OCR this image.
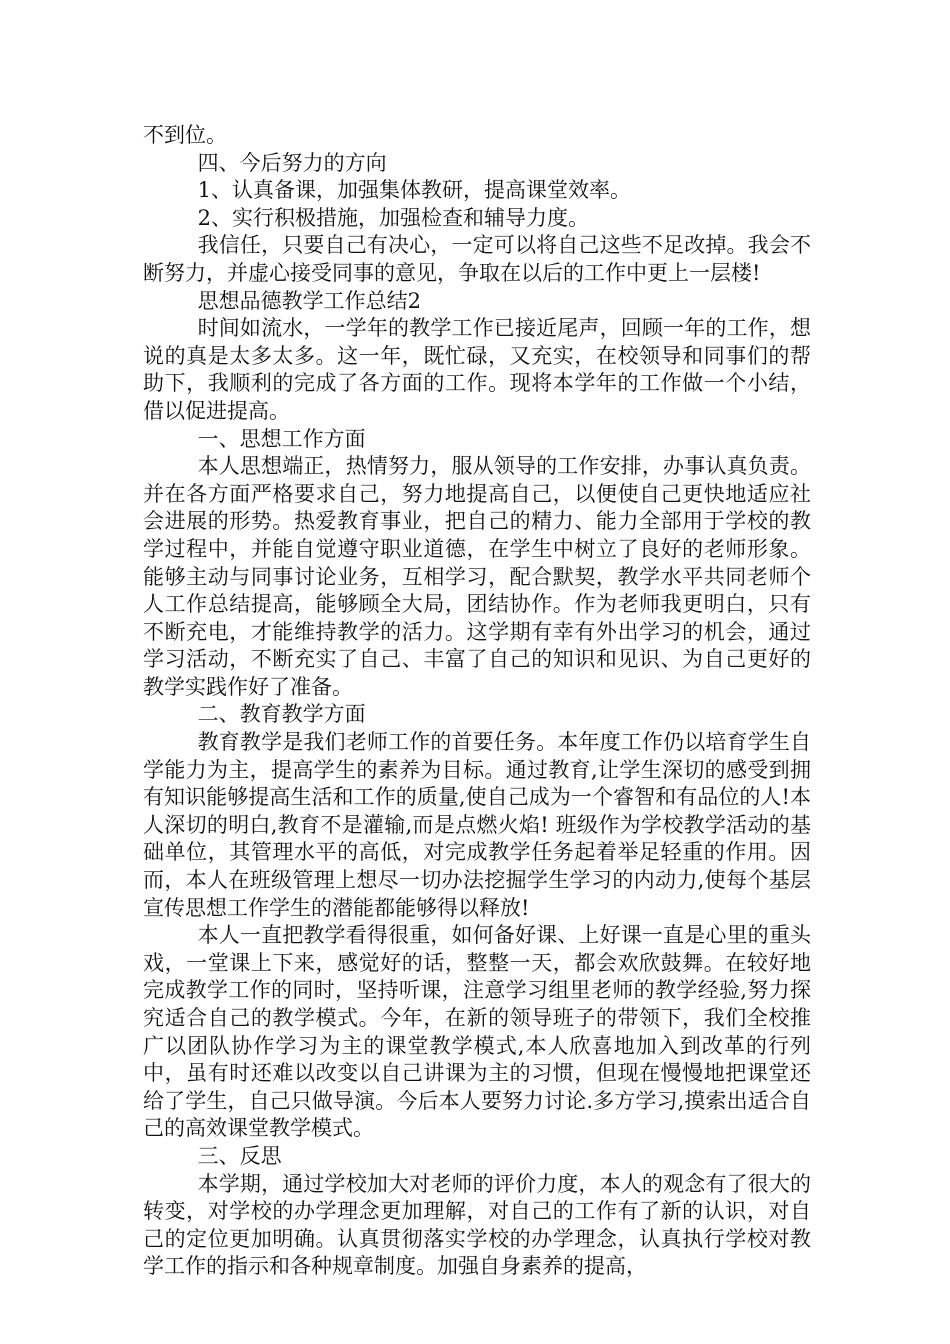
不到位。

四、今后努力的方向

1、认真备课，加强集体教研，提高课堂效率。

2、实行积极措施，加强检查和辅导力度。

我信任，只要自己有决心，一定可以将自己这些不足改掉。我会不断努力，并虚心接受同事的意见，争取在以后的工作中更上一层楼!

思想品德教学工作总结2

时间如流水，一学年的教学工作已接近尾声，回顾一年的工作，想说的真是太多太多。这一年，既忙碌，又充实，在校领导和同事们的帮助下，我顺利的完成了各方面的工作。现将本学年的工作做一个小结，借以促进提高。

一、思想工作方面

本人思想端正，热情努力，服从领导的工作安排，办事认真负责。并在各方面严格要求自己，努力地提高自己，以便使自己更快地适应社会进展的形势。热爱教育事业，把自己的精力、能力全部用于学校的教学过程中，并能自觉遵守职业道德，在学生中树立了良好的老师形象。能够主动与同事讨论业务，互相学习，配合默契，教学水平共同老师个人工作总结提高，能够顾全大局，团结协作。作为老师我更明白，只有不断充电，才能维持教学的活力。这学期有幸有外出学习的机会，通过学习活动，不断充实了自己、丰富了自己的知识和见识、为自己更好的教学实践作好了准备。

二、教育教学方面

教育教学是我们老师工作的首要任务。本年度工作仍以培育学生自学能力为主，提高学生的素养为目标。通过教育,让学生深切的感受到拥有知识能够提高生活和工作的质量,使自己成为一个睿智和有品位的人!本人深切的明白,教育不是灌输,而是点燃火焰! 班级作为学校教学活动的基础单位，其管理水平的高低，对完成教学任务起着举足轻重的作用。因而，本人在班级管理上想尽一切办法挖掘学生学习的内动力,使每个基层宣传思想工作学生的潜能都能够得以释放!

本人一直把教学看得很重，如何备好课、上好课一直是心里的重头戏，一堂课上下来，感觉好的话，整整一天，都会欢欣鼓舞。在较好地完成教学工作的同时，坚持听课，注意学习组里老师的教学经验,努力探究适合自己的教学模式。今年，在新的领导班子的带领下，我们全校推广以团队协作学习为主的课堂教学模式,本人欣喜地加入到改革的行列中，虽有时还难以改变以自己讲课为主的习惯，但现在慢慢地把课堂还给了学生，自己只做导演。今后本人要努力讨论.多方学习,摸索出适合自己的高效课堂教学模式。

三、反思

本学期，通过学校加大对老师的评价力度，本人的观念有了很大的转变，对学校的办学理念更加理解，对自己的工作有了新的认识，对自己的定位更加明确。认真贯彻落实学校的办学理念，认真执行学校对教学工作的指示和各种规章制度。加强自身素养的提高，
